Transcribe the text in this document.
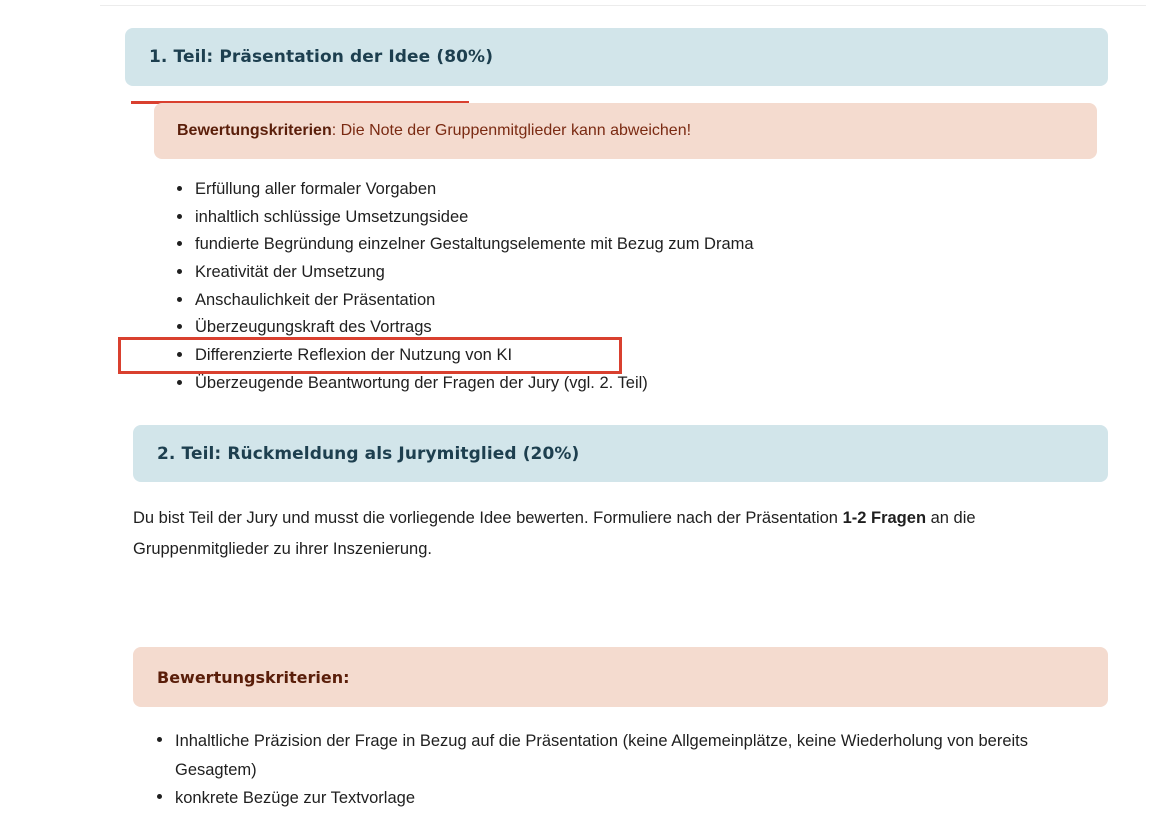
1. Teil: Präsentation der Idee (80%)
Bewertungskriterien : Die Note der Gruppenmitglieder kann abweichen!
Erfüllung aller formaler Vorgaben
inhaltlich schlüssige Umsetzungsidee
fundierte Begründung einzelner Gestaltungselemente mit Bezug zum Drama
Kreativität der Umsetzung
Anschaulichkeit der Präsentation
Überzeugungskraft des Vortrags
Differenzierte Reflexion der Nutzung von KI
Überzeugende Beantwortung der Fragen der Jury (vgl. 2. Teil)
2. Teil: Rückmeldung als Jurymitglied (20%)

Du bist Teil der Jury und musst die vorliegende Idee bewerten. Formuliere nach der Präsentation 1-2 Fragen an die Gruppenmitglieder zu ihrer Inszenierung.

Bewertungskriterien:
Inhaltliche Präzision der Frage in Bezug auf die Präsentation (keine Allgemeinplätze, keine Wiederholung von bereits Gesagtem)
konkrete Bezüge zur Textvorlage
